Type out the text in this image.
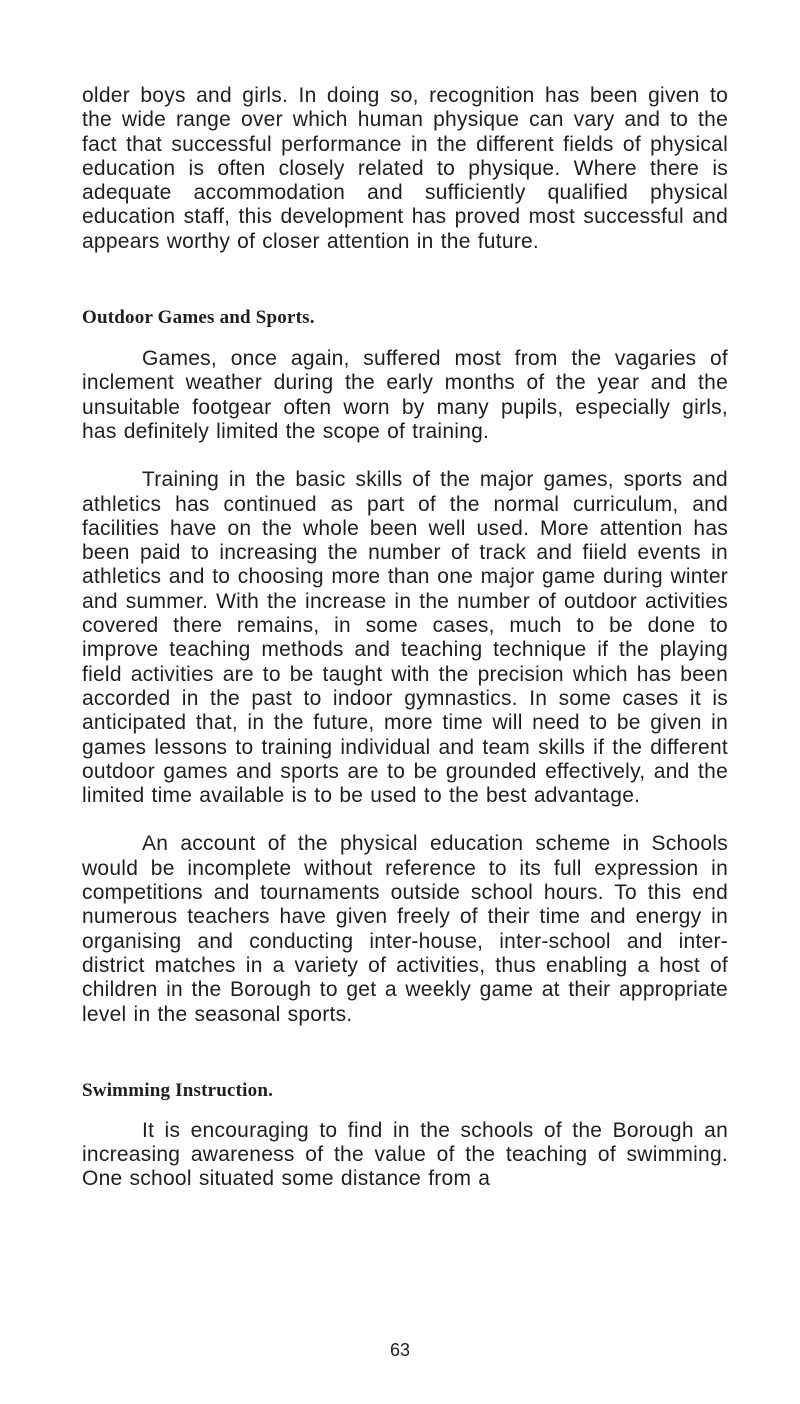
older boys and girls. In doing so, recognition has been given to the wide range over which human physique can vary and to the fact that successful performance in the different fields of physical education is often closely related to physique. Where there is adequate accommodation and sufficiently qualified physical education staff, this development has proved most successful and appears worthy of closer attention in the future.

Outdoor Games and Sports.

Games, once again, suffered most from the vagaries of inclement weather during the early months of the year and the unsuitable footgear often worn by many pupils, especially girls, has definitely limited the scope of training.

Training in the basic skills of the major games, sports and athletics has continued as part of the normal curriculum, and facilities have on the whole been well used. More attention has been paid to increasing the number of track and fiield events in athletics and to choosing more than one major game during winter and summer. With the increase in the number of outdoor activities covered there remains, in some cases, much to be done to improve teaching methods and teaching technique if the playing field activities are to be taught with the precision which has been accorded in the past to indoor gymnastics. In some cases it is anticipated that, in the future, more time will need to be given in games lessons to training individual and team skills if the different outdoor games and sports are to be grounded effectively, and the limited time available is to be used to the best advantage.

An account of the physical education scheme in Schools would be incomplete without reference to its full expression in competitions and tournaments outside school hours. To this end numerous teachers have given freely of their time and energy in organising and conducting inter-house, inter-school and inter-district matches in a variety of activities, thus enabling a host of children in the Borough to get a weekly game at their appropriate level in the seasonal sports.

Swimming Instruction.

It is encouraging to find in the schools of the Borough an increasing awareness of the value of the teaching of swimming. One school situated some distance from a

63
